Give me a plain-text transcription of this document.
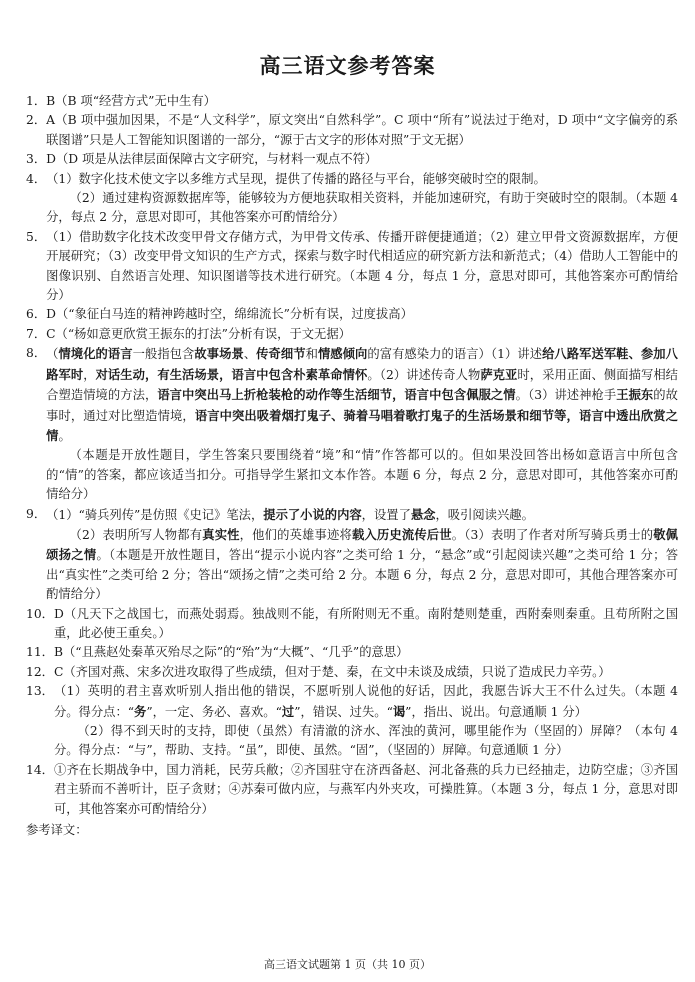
高三语文参考答案
1． B（B 项“经营方式”无中生有）
2． A（B 项中强加因果，不是“人文科学”，原文突出“自然科学”。C 项中“所有”说法过于绝对，D 项中“文字偏旁的系联图谱”只是人工智能知识图谱的一部分，“源于古文字的形体对照”于文无据）
3． D（D 项是从法律层面保障古文字研究，与材料一观点不符）
4． （1）数字化技术使文字以多维方式呈现，提供了传播的路径与平台，能够突破时空的限制。
（2）通过建构资源数据库等，能够较为方便地获取相关资料，并能加速研究，有助于突破时空的限制。（本题 4 分，每点 2 分，意思对即可，其他答案亦可酌情给分）
5． （1）借助数字化技术改变甲骨文存储方式，为甲骨文传承、传播开辟便捷通道；（2）建立甲骨文资源数据库，方便开展研究；（3）改变甲骨文知识的生产方式，探索与数字时代相适应的研究新方法和新范式；（4）借助人工智能中的图像识别、自然语言处理、知识图谱等技术进行研究。（本题 4 分，每点 1 分，意思对即可，其他答案亦可酌情给分）
6． D（“象征白马连的精神跨越时空，绵绵流长”分析有误，过度拔高）
7． C（“杨如意更欣赏王振东的打法”分析有误，于文无据）
8． （情境化的语言一般指包含故事场景、传奇细节和情感倾向的富有感染力的语言）（1）讲述给八路军送军鞋、参加八路军时，对话生动，有生活场景，语言中包含朴素革命情怀。（2）讲述传奇人物萨克亚时，采用正面、侧面描写相结合塑造情境的方法，语言中突出马上折枪装枪的动作等生活细节，语言中包含佩服之情。（3）讲述神枪手王振东的故事时，通过对比塑造情境，语言中突出吸着烟打鬼子、骑着马唱着歌打鬼子的生活场景和细节等，语言中透出欣赏之情。
（本题是开放性题目，学生答案只要围绕着“境”和“情”作答都可以的。但如果没回答出杨如意语言中所包含的“情”的答案，都应该适当扣分。可指导学生紧扣文本作答。本题 6 分，每点 2 分，意思对即可，其他答案亦可酌情给分）
9． （1）“骑兵列传”是仿照《史记》笔法，提示了小说的内容，设置了悬念，吸引阅读兴趣。
（2）表明所写人物都有真实性，他们的英雄事迹将载入历史流传后世。（3）表明了作者对所写骑兵勇士的敬佩颂扬之情。（本题是开放性题目，答出“提示小说内容”之类可给 1 分，“悬念”或“引起阅读兴趣”之类可给 1 分；答出“真实性”之类可给 2 分；答出“颂扬之情”之类可给 2 分。本题 6 分，每点 2 分，意思对即可，其他合理答案亦可酌情给分）
10． D（凡天下之战国七，而燕处弱焉。独战则不能，有所附则无不重。南附楚则楚重，西附秦则秦重。且苟所附之国重，此必使王重矣。）
11． B（“且燕赵处秦革灭殆尽之际”的“殆”为“大概”、“几乎”的意思）
12． C（齐国对燕、宋多次进攻取得了些成绩，但对于楚、秦，在文中未谈及成绩，只说了造成民力辛劳。）
13． （1）英明的君主喜欢听别人指出他的错误，不愿听别人说他的好话，因此，我愿告诉大王不什么过失。（本题 4 分。得分点：“务”，一定、务必、喜欢。“过”，错误、过失。“谒”，指出、说出。句意通顺 1 分）
（2）得不到天时的支持，即使（虽然）有清澈的济水、浑浊的黄河，哪里能作为（坚固的）屏障？（本句 4 分。得分点：“与”，帮助、支持。“虽”，即使、虽然。“固”，（坚固的）屏障。句意通顺 1 分）
14． ①齐在长期战争中，国力消耗，民劳兵敝；②齐国驻守在济西备赵、河北备燕的兵力已经抽走，边防空虚；③齐国君主骄而不善听计，臣子贪财；④苏秦可做内应，与燕军内外夹攻，可操胜算。（本题 3 分，每点 1 分，意思对即可，其他答案亦可酌情给分）
参考译文：
高三语文试题第 1 页（共 10 页）
